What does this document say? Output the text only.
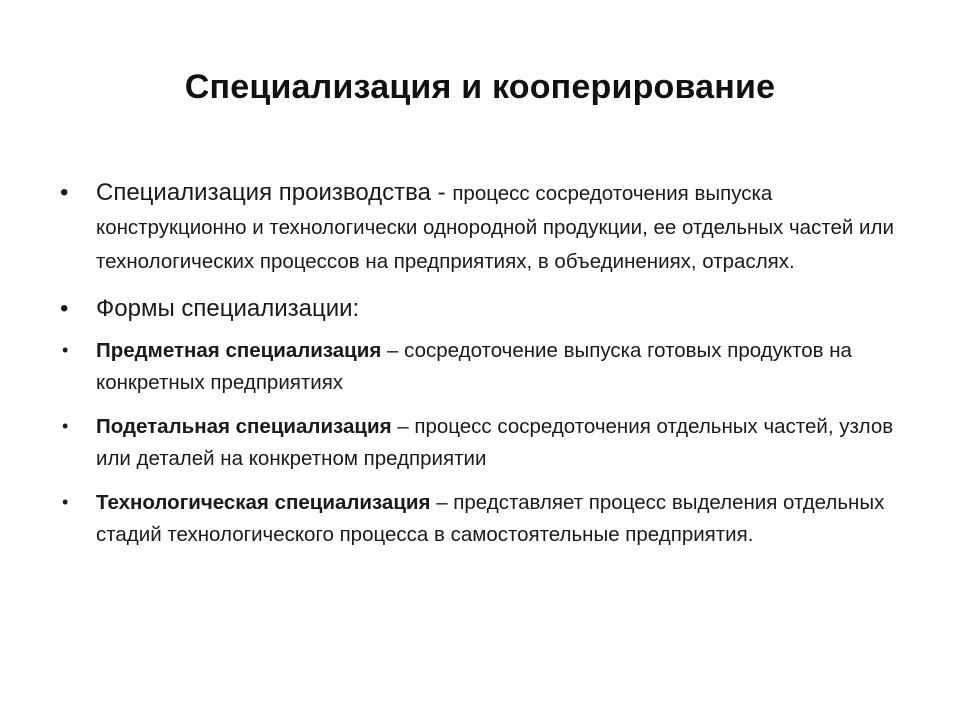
Специализация и кооперирование
• Специализация производства - процесс сосредоточения выпуска конструкционно и технологически однородной продукции, ее отдельных частей или технологических процессов на предприятиях, в объединениях, отраслях.
• Формы специализации:
• Предметная специализация – сосредоточение выпуска готовых продуктов на конкретных предприятиях
• Подетальная специализация – процесс сосредоточения отдельных частей, узлов или деталей на конкретном предприятии
• Технологическая специализация – представляет процесс выделения отдельных стадий технологического процесса в самостоятельные предприятия.
